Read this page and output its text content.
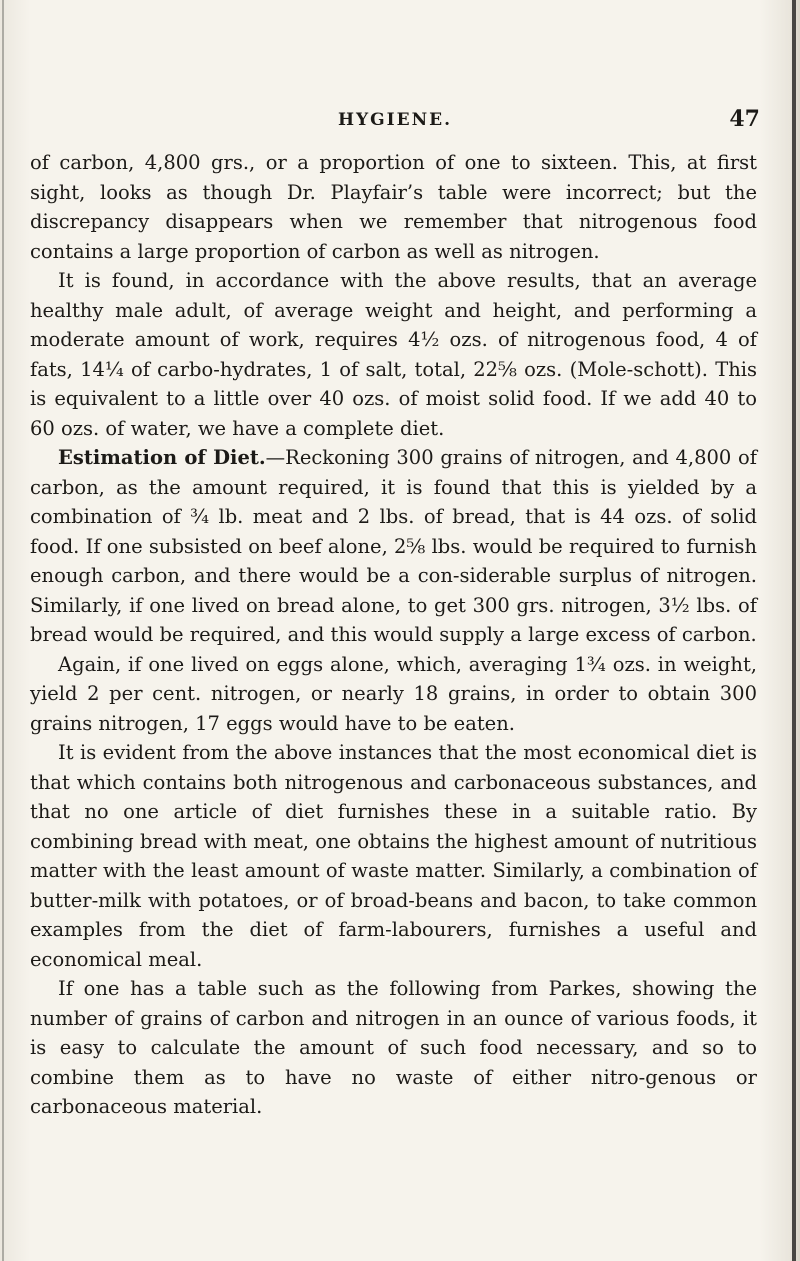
HYGIENE.	47

of carbon, 4,800 grs., or a proportion of one to sixteen. This, at first sight, looks as though Dr. Playfair’s table were incorrect; but the discrepancy disappears when we remember that nitrogenous food contains a large proportion of carbon as well as nitrogen.

It is found, in accordance with the above results, that an average healthy male adult, of average weight and height, and performing a moderate amount of work, requires 4½ ozs. of nitrogenous food, 4 of fats, 14¼ of carbo-hydrates, 1 of salt, total, 22⅝ ozs. (Mole-schott). This is equivalent to a little over 40 ozs. of moist solid food. If we add 40 to 60 ozs. of water, we have a complete diet.

Estimation of Diet.—Reckoning 300 grains of nitrogen, and 4,800 of carbon, as the amount required, it is found that this is yielded by a combination of ¾ lb. meat and 2 lbs. of bread, that is 44 ozs. of solid food. If one subsisted on beef alone, 2⅝ lbs. would be required to furnish enough carbon, and there would be a con-siderable surplus of nitrogen. Similarly, if one lived on bread alone, to get 300 grs. nitrogen, 3½ lbs. of bread would be required, and this would supply a large excess of carbon.

Again, if one lived on eggs alone, which, averaging 1¾ ozs. in weight, yield 2 per cent. nitrogen, or nearly 18 grains, in order to obtain 300 grains nitrogen, 17 eggs would have to be eaten.

It is evident from the above instances that the most economical diet is that which contains both nitrogenous and carbonaceous substances, and that no one article of diet furnishes these in a suitable ratio. By combining bread with meat, one obtains the highest amount of nutritious matter with the least amount of waste matter. Similarly, a combination of butter-milk with potatoes, or of broad-beans and bacon, to take common examples from the diet of farm-labourers, furnishes a useful and economical meal.

If one has a table such as the following from Parkes, showing the number of grains of carbon and nitrogen in an ounce of various foods, it is easy to calculate the amount of such food necessary, and so to combine them as to have no waste of either nitro-genous or carbonaceous material.
